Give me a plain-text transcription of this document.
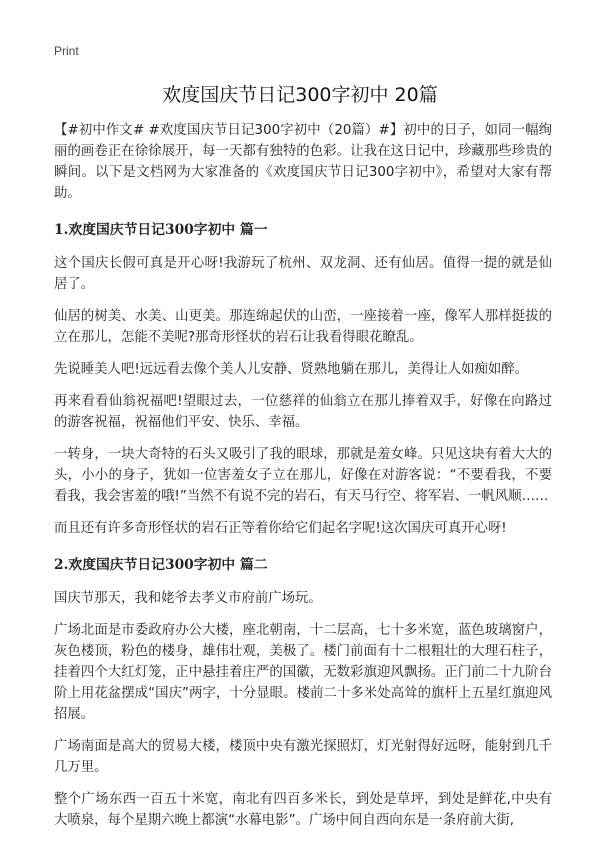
Print
欢度国庆节日记300字初中 20篇

【#初中作文# #欢度国庆节日记300字初中（20篇）#】初中的日子，如同一幅绚丽的画卷正在徐徐展开，每一天都有独特的色彩。让我在这日记中，珍藏那些珍贵的瞬间。以下是文档网为大家准备的《欢度国庆节日记300字初中》，希望对大家有帮助。

1.欢度国庆节日记300字初中 篇一

这个国庆长假可真是开心呀!我游玩了杭州、双龙洞、还有仙居。值得一提的就是仙居了。

仙居的树美、水美、山更美。那连绵起伏的山峦，一座接着一座，像军人那样挺拔的立在那儿，怎能不美呢?那奇形怪状的岩石让我看得眼花瞭乱。

先说睡美人吧!远远看去像个美人儿安静、贤熟地躺在那儿，美得让人如痴如醉。

再来看看仙翁祝福吧!望眼过去，一位慈祥的仙翁立在那儿捧着双手，好像在向路过的游客祝福，祝福他们平安、快乐、幸福。

一转身，一块大奇特的石头又吸引了我的眼球，那就是羞女峰。只见这块有着大大的头，小小的身子，犹如一位害羞女子立在那儿，好像在对游客说：“不要看我，不要看我，我会害羞的哦!”当然不有说不完的岩石，有天马行空、将军岩、一帆风顺……

而且还有许多奇形怪状的岩石正等着你给它们起名字呢!这次国庆可真开心呀!

2.欢度国庆节日记300字初中 篇二

国庆节那天，我和姥爷去孝义市府前广场玩。

广场北面是市委政府办公大楼，座北朝南，十二层高，七十多米宽，蓝色玻璃窗户，灰色楼顶，粉色的楼身，雄伟壮观，美极了。楼门前面有十二根粗壮的大理石柱子，挂着四个大红灯笼，正中悬挂着庄严的国徽，无数彩旗迎风飘扬。正门前二十九阶台阶上用花盆摆成“国庆”两字，十分显眼。楼前二十多米处高耸的旗杆上五星红旗迎风招展。

广场南面是高大的贸易大楼，楼顶中央有激光探照灯，灯光射得好远呀，能射到几千几万里。

整个广场东西一百五十米宽，南北有四百多米长，到处是草坪，到处是鲜花,中央有大喷泉，每个星期六晚上都演“水幕电影”。广场中间自西向东是一条府前大街,
